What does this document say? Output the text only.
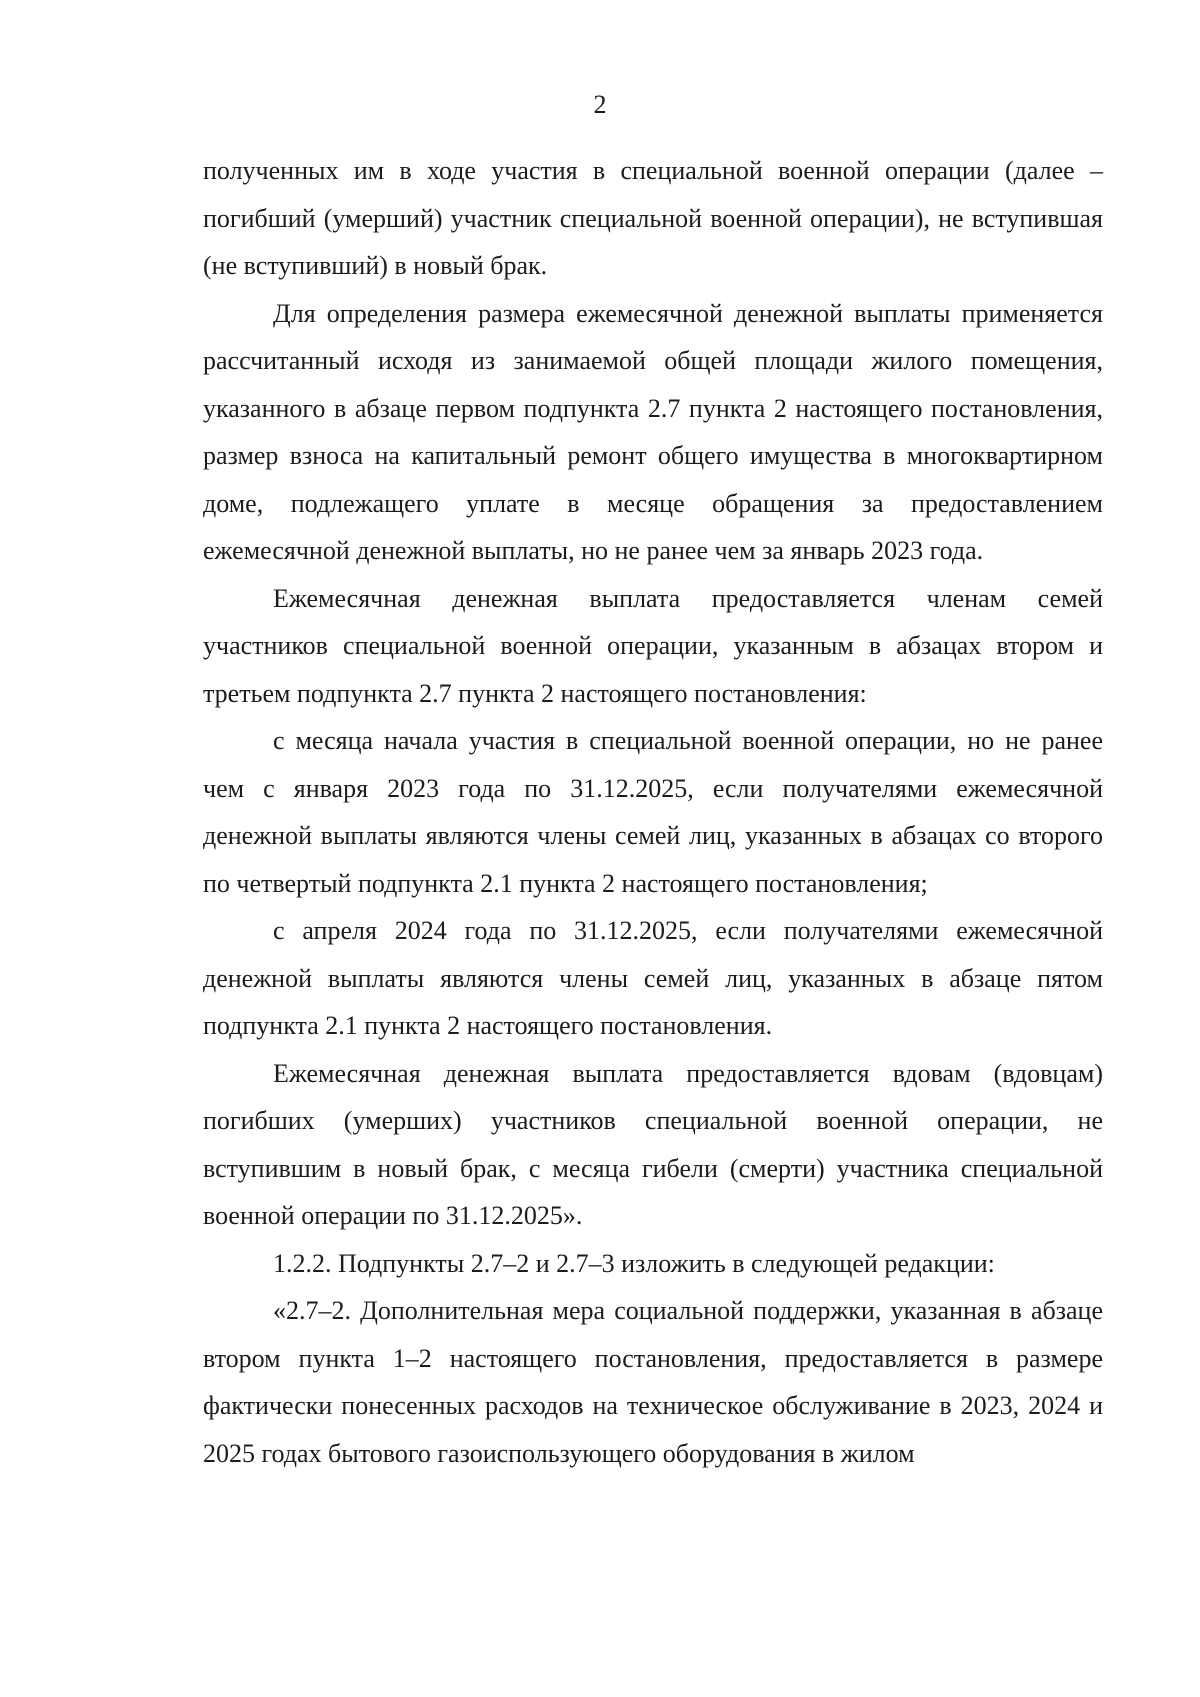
2

полученных им в ходе участия в специальной военной операции (далее – погибший (умерший) участник специальной военной операции), не вступившая (не вступивший) в новый брак.

Для определения размера ежемесячной денежной выплаты применяется рассчитанный исходя из занимаемой общей площади жилого помещения, указанного в абзаце первом подпункта 2.7 пункта 2 настоящего постановления, размер взноса на капитальный ремонт общего имущества в многоквартирном доме, подлежащего уплате в месяце обращения за предоставлением ежемесячной денежной выплаты, но не ранее чем за январь 2023 года.

Ежемесячная денежная выплата предоставляется членам семей участников специальной военной операции, указанным в абзацах втором и третьем подпункта 2.7 пункта 2 настоящего постановления:

с месяца начала участия в специальной военной операции, но не ранее чем с января 2023 года по 31.12.2025, если получателями ежемесячной денежной выплаты являются члены семей лиц, указанных в абзацах со второго по четвертый подпункта 2.1 пункта 2 настоящего постановления;

с апреля 2024 года по 31.12.2025, если получателями ежемесячной денежной выплаты являются члены семей лиц, указанных в абзаце пятом подпункта 2.1 пункта 2 настоящего постановления.

Ежемесячная денежная выплата предоставляется вдовам (вдовцам) погибших (умерших) участников специальной военной операции, не вступившим в новый брак, с месяца гибели (смерти) участника специальной военной операции по 31.12.2025».

1.2.2. Подпункты 2.7–2 и 2.7–3 изложить в следующей редакции:

«2.7–2. Дополнительная мера социальной поддержки, указанная в абзаце втором пункта 1–2 настоящего постановления, предоставляется в размере фактически понесенных расходов на техническое обслуживание в 2023, 2024 и 2025 годах бытового газоиспользующего оборудования в жилом
